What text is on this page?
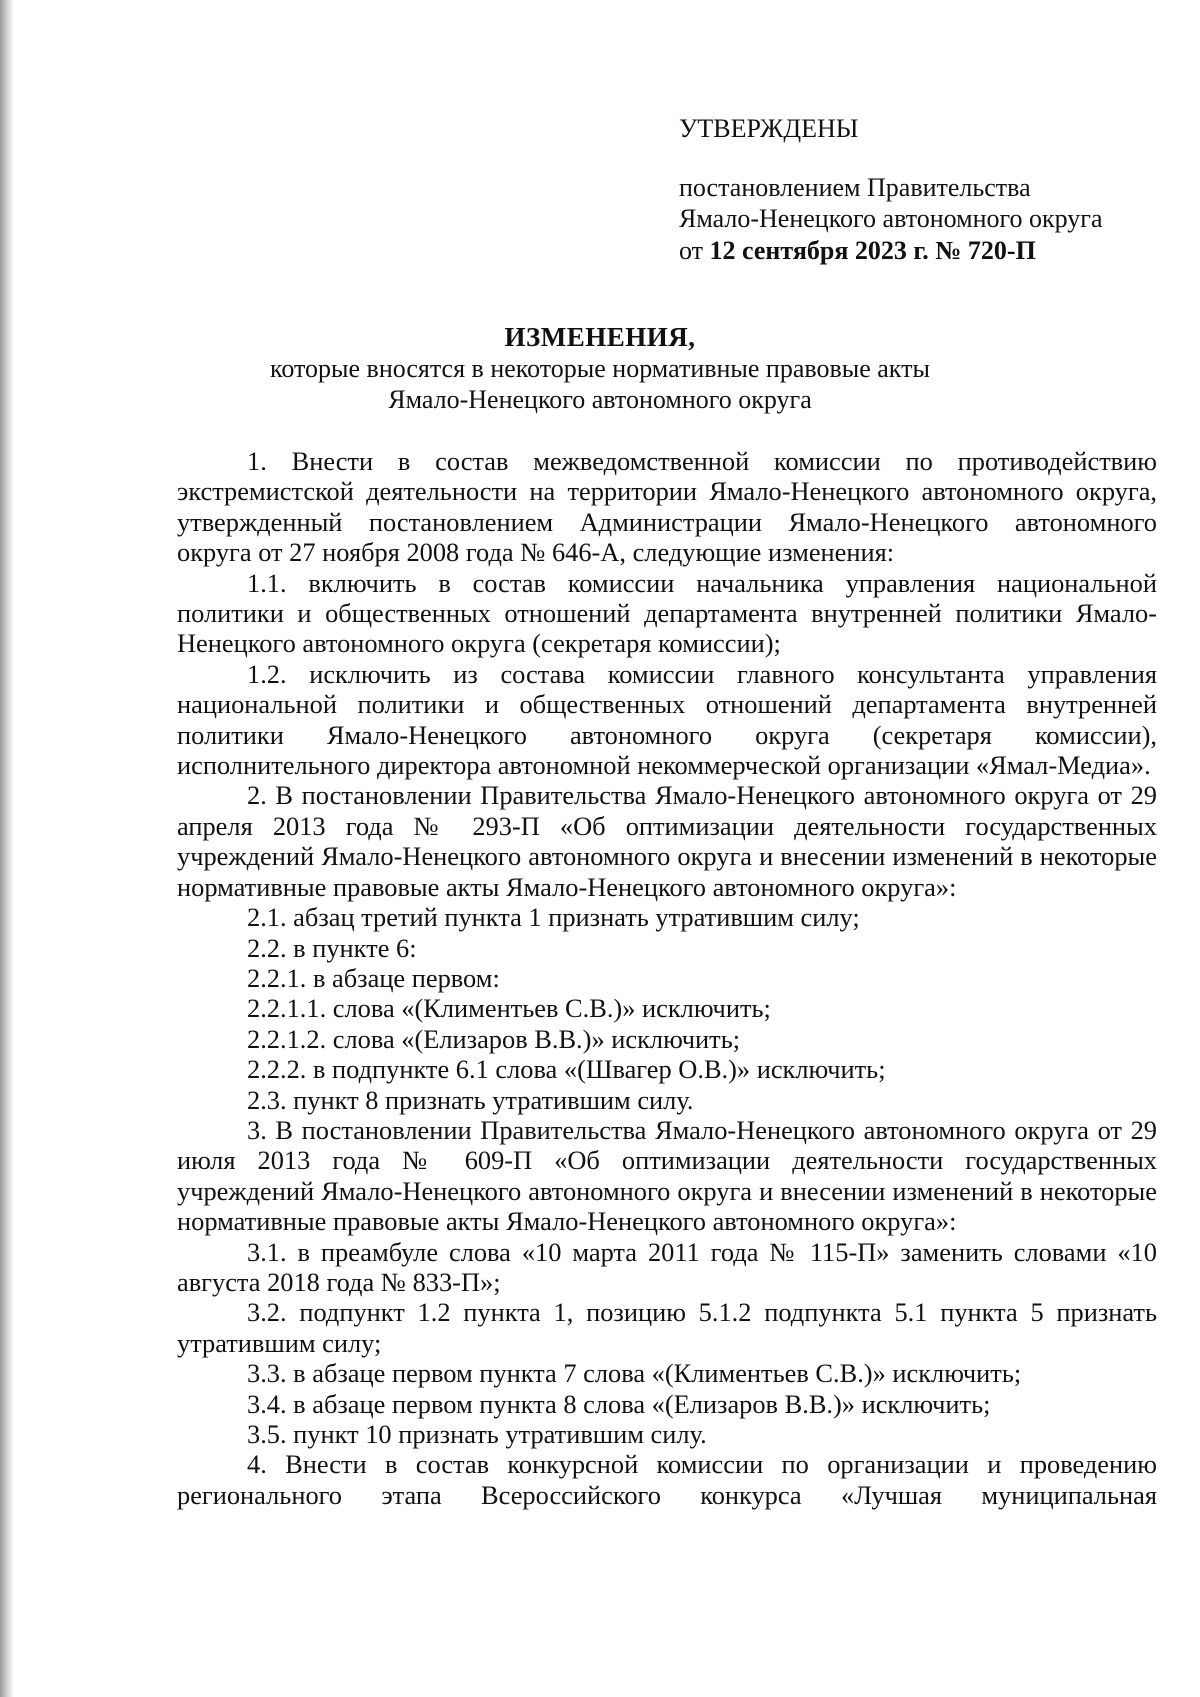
УТВЕРЖДЕНЫ
постановлением Правительства
Ямало-Ненецкого автономного округа
от 12 сентября 2023 г. № 720-П
ИЗМЕНЕНИЯ,
которые вносятся в некоторые нормативные правовые акты
Ямало-Ненецкого автономного округа

1. Внести в состав межведомственной комиссии по противодействию экстремистской деятельности на территории Ямало-Ненецкого автономного округа, утвержденный постановлением Администрации Ямало-Ненецкого автономного округа от 27 ноября 2008 года № 646-А, следующие изменения:

1.1. включить в состав комиссии начальника управления национальной политики и общественных отношений департамента внутренней политики Ямало-Ненецкого автономного округа (секретаря комиссии);

1.2. исключить из состава комиссии главного консультанта управления национальной политики и общественных отношений департамента внутренней политики Ямало-Ненецкого автономного округа (секретаря комиссии), исполнительного директора автономной некоммерческой организации «Ямал-Медиа».

2. В постановлении Правительства Ямало-Ненецкого автономного округа от 29 апреля 2013 года № 293-П «Об оптимизации деятельности государственных учреждений Ямало-Ненецкого автономного округа и внесении изменений в некоторые нормативные правовые акты Ямало-Ненецкого автономного округа»:

2.1. абзац третий пункта 1 признать утратившим силу;

2.2. в пункте 6:

2.2.1. в абзаце первом:

2.2.1.1. слова «(Климентьев С.В.)» исключить;

2.2.1.2. слова «(Елизаров В.В.)» исключить;

2.2.2. в подпункте 6.1 слова «(Швагер О.В.)» исключить;

2.3. пункт 8 признать утратившим силу.

3. В постановлении Правительства Ямало-Ненецкого автономного округа от 29 июля 2013 года № 609-П «Об оптимизации деятельности государственных учреждений Ямало-Ненецкого автономного округа и внесении изменений в некоторые нормативные правовые акты Ямало-Ненецкого автономного округа»:

3.1. в преамбуле слова «10 марта 2011 года № 115-П» заменить словами «10 августа 2018 года № 833-П»;

3.2. подпункт 1.2 пункта 1, позицию 5.1.2 подпункта 5.1 пункта 5 признать утратившим силу;

3.3. в абзаце первом пункта 7 слова «(Климентьев С.В.)» исключить;

3.4. в абзаце первом пункта 8 слова «(Елизаров В.В.)» исключить;

3.5. пункт 10 признать утратившим силу.

4. Внести в состав конкурсной комиссии по организации и проведению регионального этапа Всероссийского конкурса «Лучшая муниципальная
